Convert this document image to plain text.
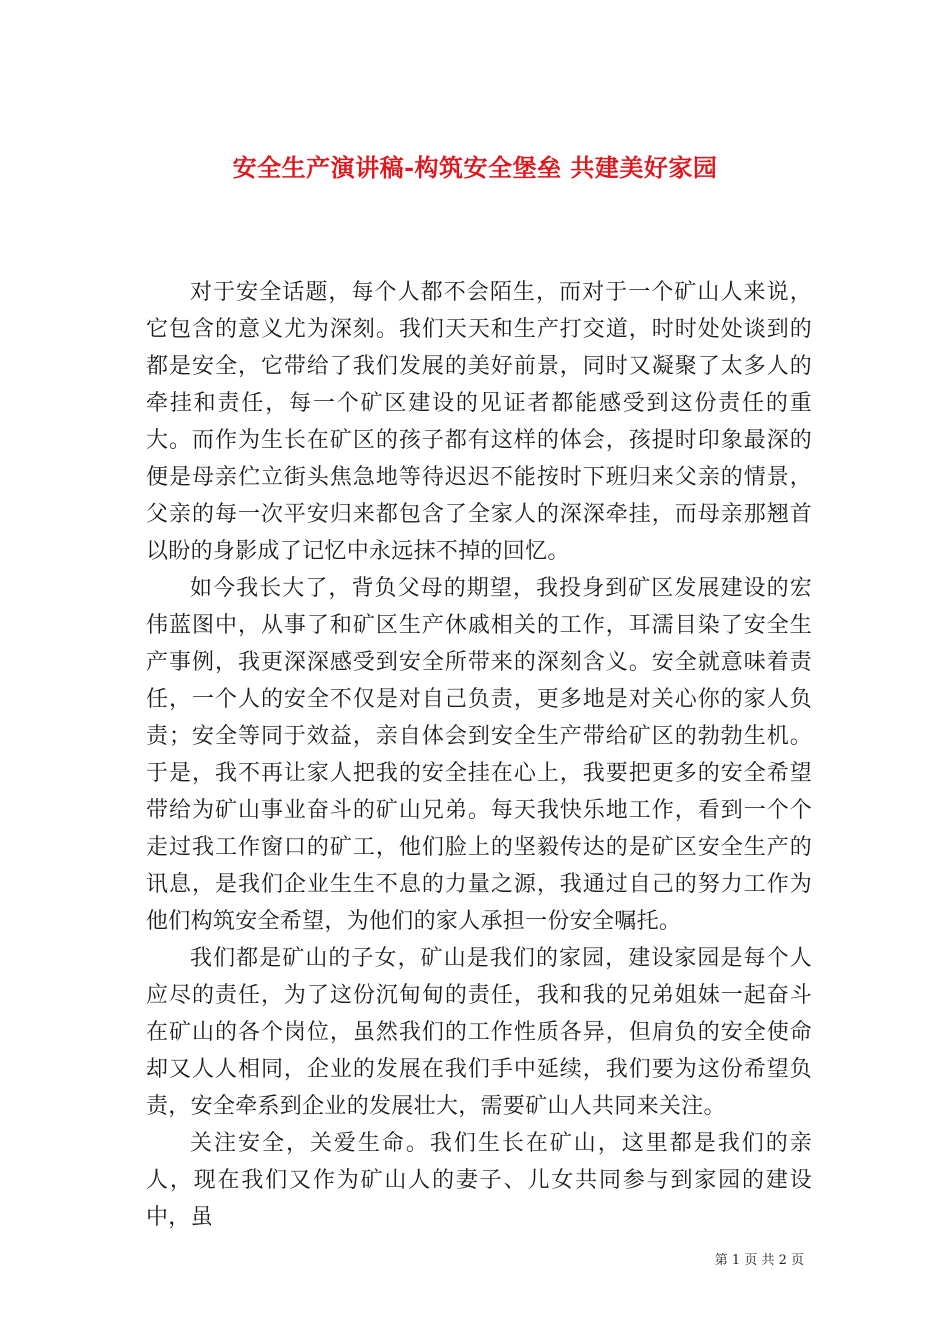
安全生产演讲稿-构筑安全堡垒 共建美好家园

对于安全话题，每个人都不会陌生，而对于一个矿山人来说，它包含的意义尤为深刻。我们天天和生产打交道，时时处处谈到的都是安全，它带给了我们发展的美好前景，同时又凝聚了太多人的牵挂和责任，每一个矿区建设的见证者都能感受到这份责任的重大。而作为生长在矿区的孩子都有这样的体会，孩提时印象最深的便是母亲伫立街头焦急地等待迟迟不能按时下班归来父亲的情景，父亲的每一次平安归来都包含了全家人的深深牵挂，而母亲那翘首以盼的身影成了记忆中永远抹不掉的回忆。

如今我长大了，背负父母的期望，我投身到矿区发展建设的宏伟蓝图中，从事了和矿区生产休戚相关的工作，耳濡目染了安全生产事例，我更深深感受到安全所带来的深刻含义。安全就意味着责任，一个人的安全不仅是对自己负责，更多地是对关心你的家人负责；安全等同于效益，亲自体会到安全生产带给矿区的勃勃生机。于是，我不再让家人把我的安全挂在心上，我要把更多的安全希望带给为矿山事业奋斗的矿山兄弟。每天我快乐地工作，看到一个个走过我工作窗口的矿工，他们脸上的坚毅传达的是矿区安全生产的讯息，是我们企业生生不息的力量之源，我通过自己的努力工作为他们构筑安全希望，为他们的家人承担一份安全嘱托。

我们都是矿山的子女，矿山是我们的家园，建设家园是每个人应尽的责任，为了这份沉甸甸的责任，我和我的兄弟姐妹一起奋斗在矿山的各个岗位，虽然我们的工作性质各异，但肩负的安全使命却又人人相同，企业的发展在我们手中延续，我们要为这份希望负责，安全牵系到企业的发展壮大，需要矿山人共同来关注。

关注安全，关爱生命。我们生长在矿山，这里都是我们的亲人，现在我们又作为矿山人的妻子、儿女共同参与到家园的建设中，虽

第 1 页 共 2 页
